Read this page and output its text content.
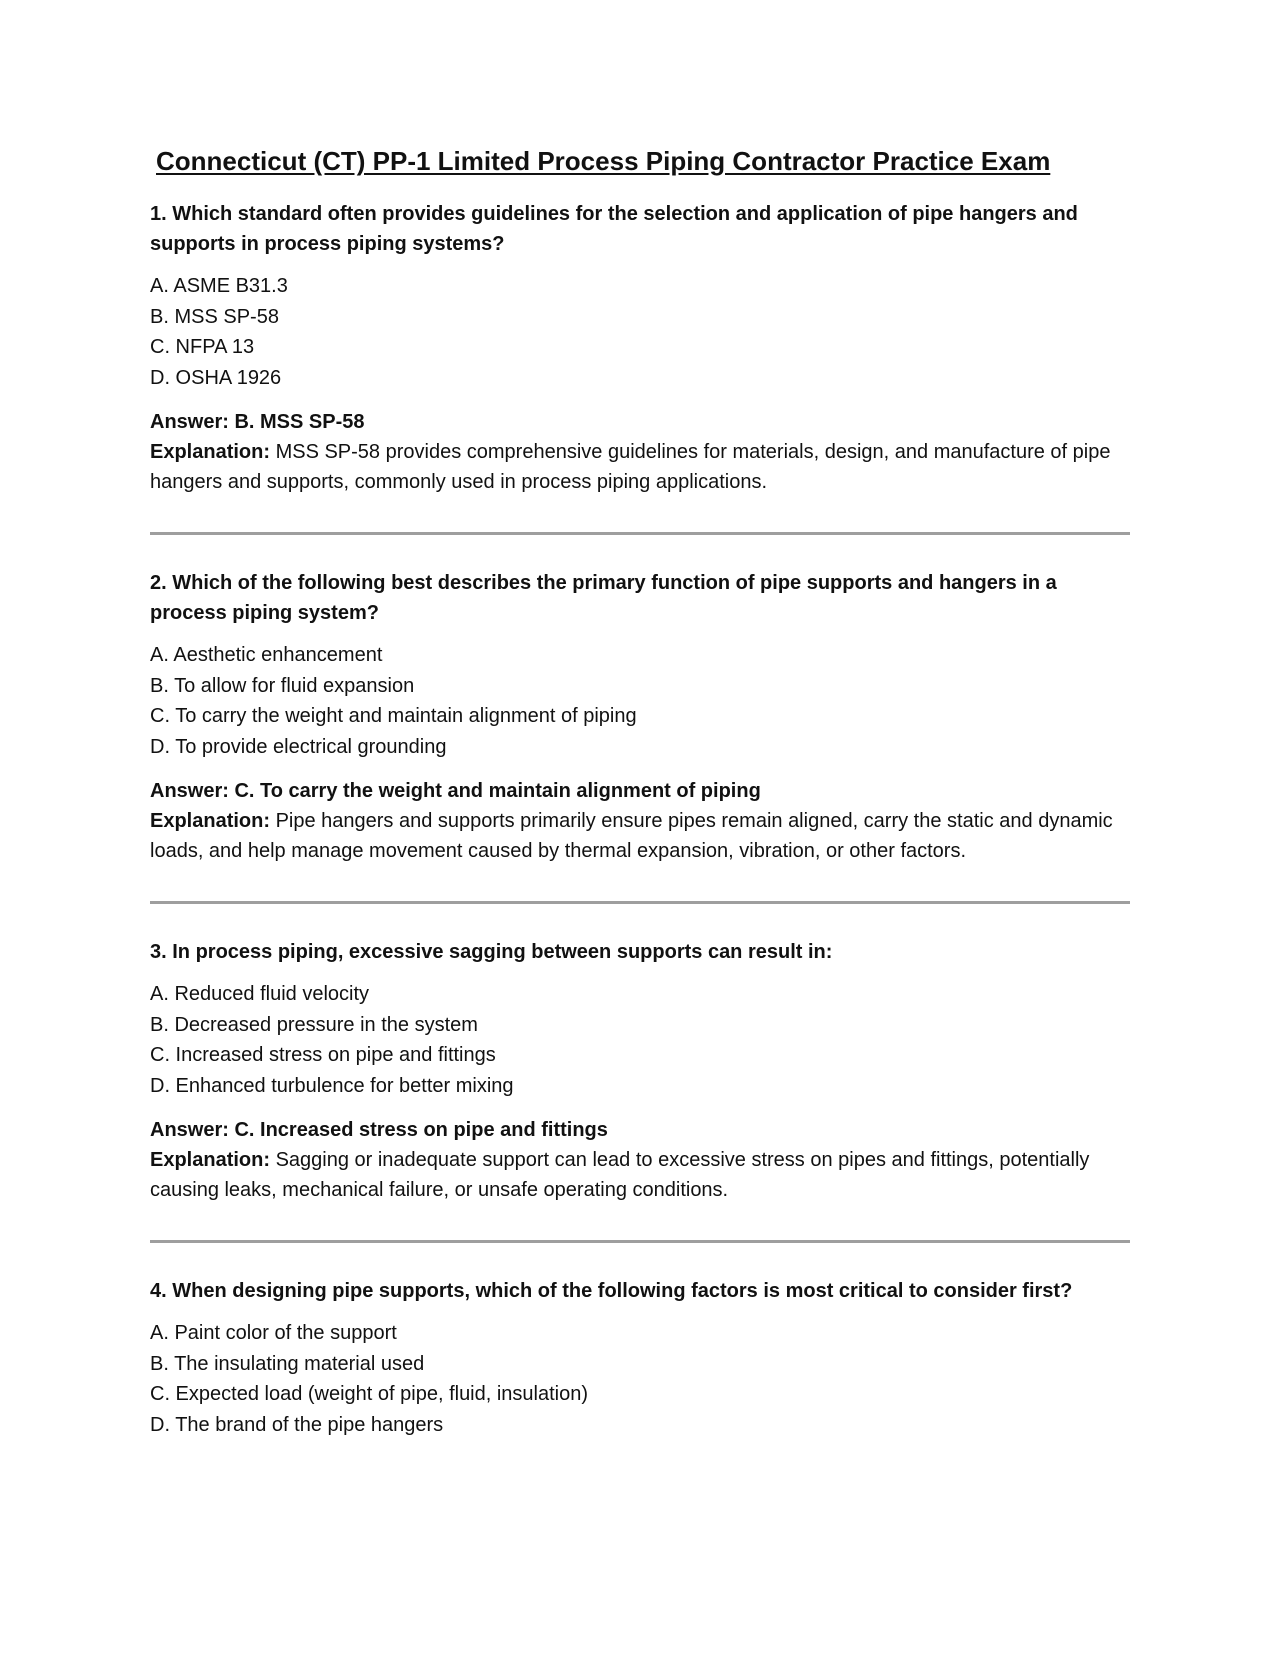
Connecticut (CT) PP-1 Limited Process Piping Contractor Practice Exam

1. Which standard often provides guidelines for the selection and application of pipe hangers and supports in process piping systems?

A. ASME B31.3
B. MSS SP-58
C. NFPA 13
D. OSHA 1926

Answer: B. MSS SP-58

Explanation: MSS SP-58 provides comprehensive guidelines for materials, design, and manufacture of pipe hangers and supports, commonly used in process piping applications.

2. Which of the following best describes the primary function of pipe supports and hangers in a process piping system?

A. Aesthetic enhancement
B. To allow for fluid expansion
C. To carry the weight and maintain alignment of piping
D. To provide electrical grounding

Answer: C. To carry the weight and maintain alignment of piping

Explanation: Pipe hangers and supports primarily ensure pipes remain aligned, carry the static and dynamic loads, and help manage movement caused by thermal expansion, vibration, or other factors.

3. In process piping, excessive sagging between supports can result in:

A. Reduced fluid velocity
B. Decreased pressure in the system
C. Increased stress on pipe and fittings
D. Enhanced turbulence for better mixing

Answer: C. Increased stress on pipe and fittings

Explanation: Sagging or inadequate support can lead to excessive stress on pipes and fittings, potentially causing leaks, mechanical failure, or unsafe operating conditions.

4. When designing pipe supports, which of the following factors is most critical to consider first?

A. Paint color of the support
B. The insulating material used
C. Expected load (weight of pipe, fluid, insulation)
D. The brand of the pipe hangers
